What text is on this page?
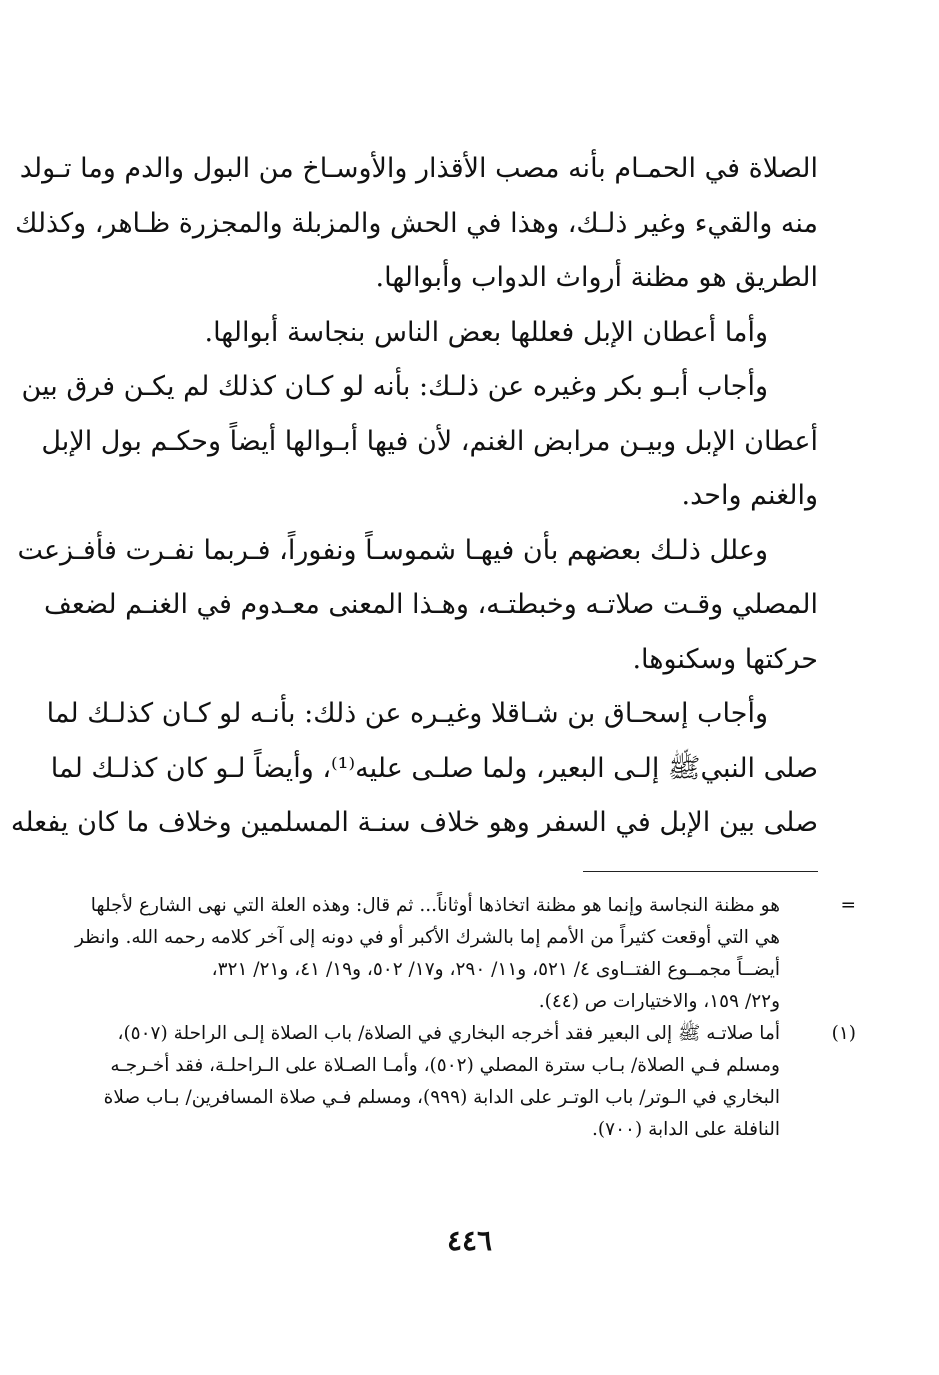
الصلاة في الحمـام بأنه مصب الأقذار والأوسـاخ من البول والدم وما تـولد
منه والقيء وغير ذلـك، وهذا في الحش والمزبلة والمجزرة ظـاهر، وكذلك
الطريق هو مظنة أرواث الدواب وأبوالها.
وأما أعطان الإبل فعللها بعض الناس بنجاسة أبوالها.
وأجاب أبـو بكر وغيره عن ذلـك: بأنه لو كـان كذلك لم يكـن فرق بين
أعطان الإبل وبيـن مرابض الغنم، لأن فيها أبـوالها أيضاً وحكـم بول الإبل
والغنم واحد.
وعلل ذلـك بعضهم بأن فيهـا شموسـاً ونفوراً، فـربما نفـرت فأفـزعت
المصلي وقـت صلاتـه وخبطتـه، وهـذا المعنى معـدوم في الغنـم لضعف
حركتها وسكنوها.
وأجاب إسحـاق بن شـاقلا وغيـره عن ذلك: بأنـه لو كـان كذلـك لما
صلى النبيﷺ إلـى البعير، ولما صلـى عليه⁽¹⁾، وأيضاً لـو كان كذلـك لما
صلى بين الإبل في السفر وهو خلاف سنـة المسلمين وخلاف ما كان يفعله
=هو مظنة النجاسة وإنما هو مظنة اتخاذها أوثاناً... ثم قال: وهذه العلة التي نهى الشارع لأجلها
هي التي أوقعت كثيراً من الأمم إما بالشرك الأكبر أو في دونه إلى آخر كلامه رحمه الله. وانظر
أيضــاً مجمــوع الفتــاوى ٤/ ٥٢١، و١١/ ٢٩٠، و١٧/ ٥٠٢، و١٩/ ٤١، و٢١/ ٣٢١،
و٢٢/ ١٥٩، والاختيارات ص (٤٤).
(١)أما صلاتـه ﷺ إلى البعير فقد أخرجه البخاري في الصلاة/ باب الصلاة إلـى الراحلة (٥٠٧)،
ومسلم فـي الصلاة/ بـاب سترة المصلي (٥٠٢)، وأمـا الصـلاة على الـراحلـة، فقد أخـرجـه
البخاري في الـوتر/ باب الوتـر على الدابة (٩٩٩)، ومسلم فـي صلاة المسافرين/ بـاب صلاة
النافلة على الدابة (٧٠٠).
٤٤٦
